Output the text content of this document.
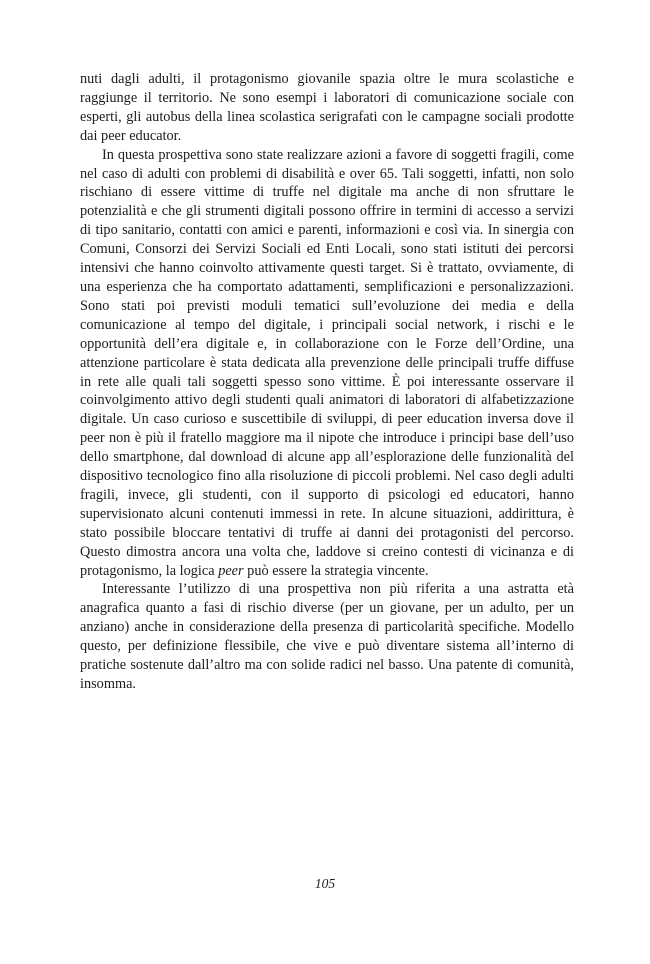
nuti dagli adulti, il protagonismo giovanile spazia oltre le mura scolastiche e raggiunge il territorio. Ne sono esempi i laboratori di comunicazione sociale con esperti, gli autobus della linea scolastica serigrafati con le campagne sociali prodotte dai peer educator.

In questa prospettiva sono state realizzare azioni a favore di soggetti fragili, come nel caso di adulti con problemi di disabilità e over 65. Tali soggetti, infatti, non solo rischiano di essere vittime di truffe nel digitale ma anche di non sfruttare le potenzialità e che gli strumenti digitali possono offrire in termini di accesso a servizi di tipo sanitario, contatti con amici e parenti, informazioni e così via. In sinergia con Comuni, Consorzi dei Servizi Sociali ed Enti Locali, sono stati istituti dei percorsi intensivi che hanno coinvolto attivamente questi target. Si è trattato, ovviamente, di una esperienza che ha comportato adattamenti, semplificazioni e personalizzazioni. Sono stati poi previsti moduli tematici sull’evoluzione dei media e della comunicazione al tempo del digitale, i principali social network, i rischi e le opportunità dell’era digitale e, in collaborazione con le Forze dell’Ordine, una attenzione particolare è stata dedicata alla prevenzione delle principali truffe diffuse in rete alle quali tali soggetti spesso sono vittime. È poi interessante osservare il coinvolgimento attivo degli studenti quali animatori di laboratori di alfabetizzazione digitale. Un caso curioso e suscettibile di sviluppi, di peer education inversa dove il peer non è più il fratello maggiore ma il nipote che introduce i principi base dell’uso dello smartphone, dal download di alcune app all’esplorazione delle funzionalità del dispositivo tecnologico fino alla risoluzione di piccoli problemi. Nel caso degli adulti fragili, invece, gli studenti, con il supporto di psicologi ed educatori, hanno supervisionato alcuni contenuti immessi in rete. In alcune situazioni, addirittura, è stato possibile bloccare tentativi di truffe ai danni dei protagonisti del percorso. Questo dimostra ancora una volta che, laddove si creino contesti di vicinanza e di protagonismo, la logica peer può essere la strategia vincente.

Interessante l’utilizzo di una prospettiva non più riferita a una astratta età anagrafica quanto a fasi di rischio diverse (per un giovane, per un adulto, per un anziano) anche in considerazione della presenza di particolarità specifiche. Modello questo, per definizione flessibile, che vive e può diventare sistema all’interno di pratiche sostenute dall’altro ma con solide radici nel basso. Una patente di comunità, insomma.

105
